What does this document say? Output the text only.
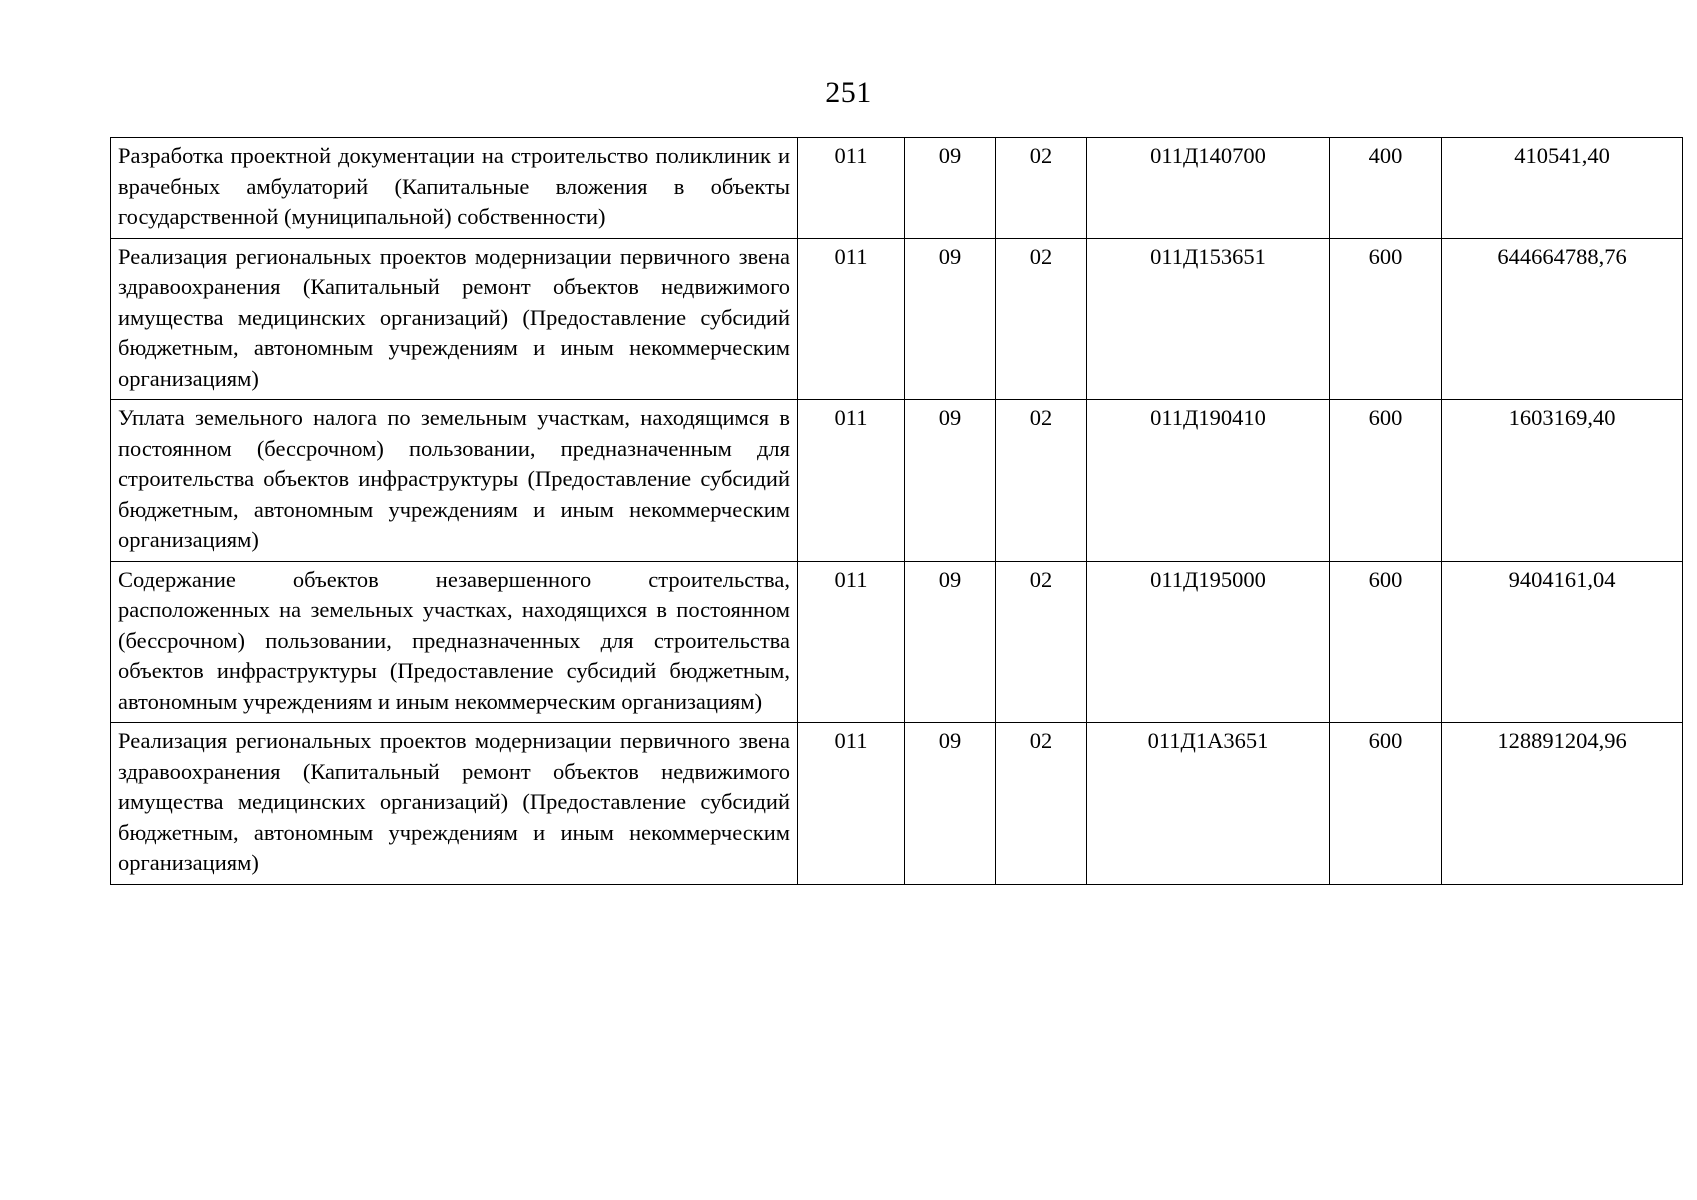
251
Разработка проектной документации на строительство поликлиник и
врачебных амбулаторий (Капитальные вложения в объекты
государственной (муниципальной) собственности)	011	09	02	011Д140700	400	410541,40

Реализация региональных проектов модернизации первичного звена
здравоохранения (Капитальный ремонт объектов недвижимого
имущества медицинских организаций) (Предоставление субсидий
бюджетным, автономным учреждениям и иным некоммерческим
организациям)	011	09	02	011Д153651	600	644664788,76

Уплата земельного налога по земельным участкам, находящимся в
постоянном (бессрочном) пользовании, предназначенным для
строительства объектов инфраструктуры (Предоставление субсидий
бюджетным, автономным учреждениям и иным некоммерческим
организациям)	011	09	02	011Д190410	600	1603169,40

Содержание объектов незавершенного строительства,
расположенных на земельных участках, находящихся в постоянном
(бессрочном) пользовании, предназначенных для строительства
объектов инфраструктуры (Предоставление субсидий бюджетным,
автономным учреждениям и иным некоммерческим организациям)	011	09	02	011Д195000	600	9404161,04

Реализация региональных проектов модернизации первичного звена
здравоохранения (Капитальный ремонт объектов недвижимого
имущества медицинских организаций) (Предоставление субсидий
бюджетным, автономным учреждениям и иным некоммерческим
организациям)	011	09	02	011Д1А3651	600	128891204,96
